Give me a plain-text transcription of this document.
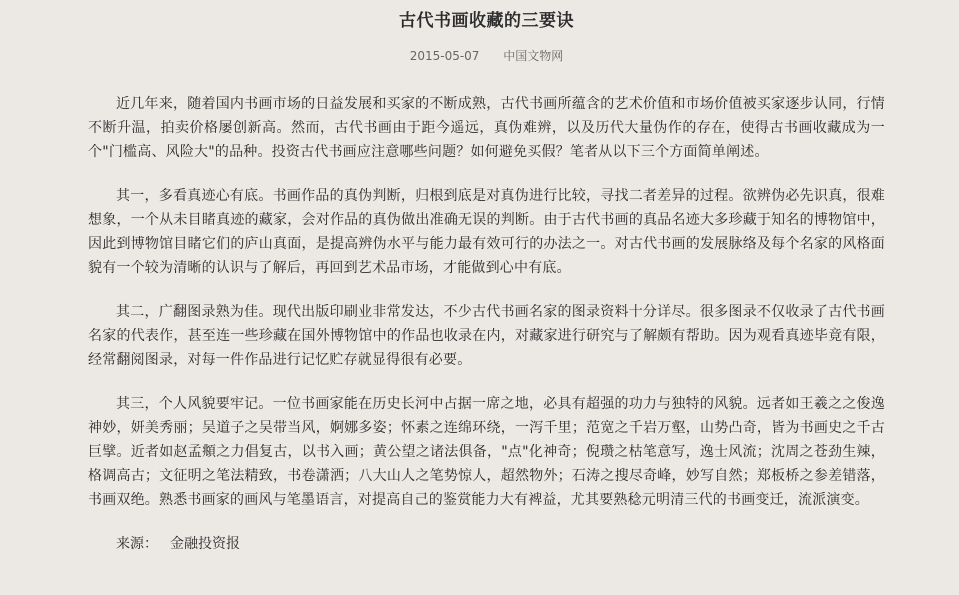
古代书画收藏的三要诀
2015-05-07 中国文物网

近几年来，随着国内书画市场的日益发展和买家的不断成熟，古代书画所蕴含的艺术价值和市场价值被买家逐步认同，行情不断升温，拍卖价格屡创新高。然而，古代书画由于距今遥远，真伪难辨，以及历代大量伪作的存在，使得古书画收藏成为一个"门槛高、风险大"的品种。投资古代书画应注意哪些问题？如何避免买假？笔者从以下三个方面简单阐述。

其一，多看真迹心有底。书画作品的真伪判断，归根到底是对真伪进行比较，寻找二者差异的过程。欲辨伪必先识真，很难想象，一个从未目睹真迹的藏家，会对作品的真伪做出准确无误的判断。由于古代书画的真品名迹大多珍藏于知名的博物馆中，因此到博物馆目睹它们的庐山真面，是提高辨伪水平与能力最有效可行的办法之一。对古代书画的发展脉络及每个名家的风格面貌有一个较为清晰的认识与了解后，再回到艺术品市场，才能做到心中有底。

其二，广翻图录熟为佳。现代出版印刷业非常发达，不少古代书画名家的图录资料十分详尽。很多图录不仅收录了古代书画名家的代表作，甚至连一些珍藏在国外博物馆中的作品也收录在内，对藏家进行研究与了解颇有帮助。因为观看真迹毕竟有限，经常翻阅图录，对每一件作品进行记忆贮存就显得很有必要。

其三，个人风貌要牢记。一位书画家能在历史长河中占据一席之地，必具有超强的功力与独特的风貌。远者如王羲之之俊逸神妙，妍美秀丽；吴道子之吴带当风，婀娜多姿；怀素之连绵环绕，一泻千里；范宽之千岩万壑，山势凸奇，皆为书画史之千古巨擘。近者如赵孟頫之力倡复古，以书入画；黄公望之诸法俱备，"点"化神奇；倪瓒之枯笔意写，逸士风流；沈周之苍劲生辣，格调高古；文征明之笔法精致，书卷潇洒；八大山人之笔势惊人，超然物外；石涛之搜尽奇峰，妙写自然；郑板桥之参差错落，书画双绝。熟悉书画家的画风与笔墨语言，对提高自己的鉴赏能力大有裨益，尤其要熟稔元明清三代的书画变迁，流派演变。

来源： 金融投资报
